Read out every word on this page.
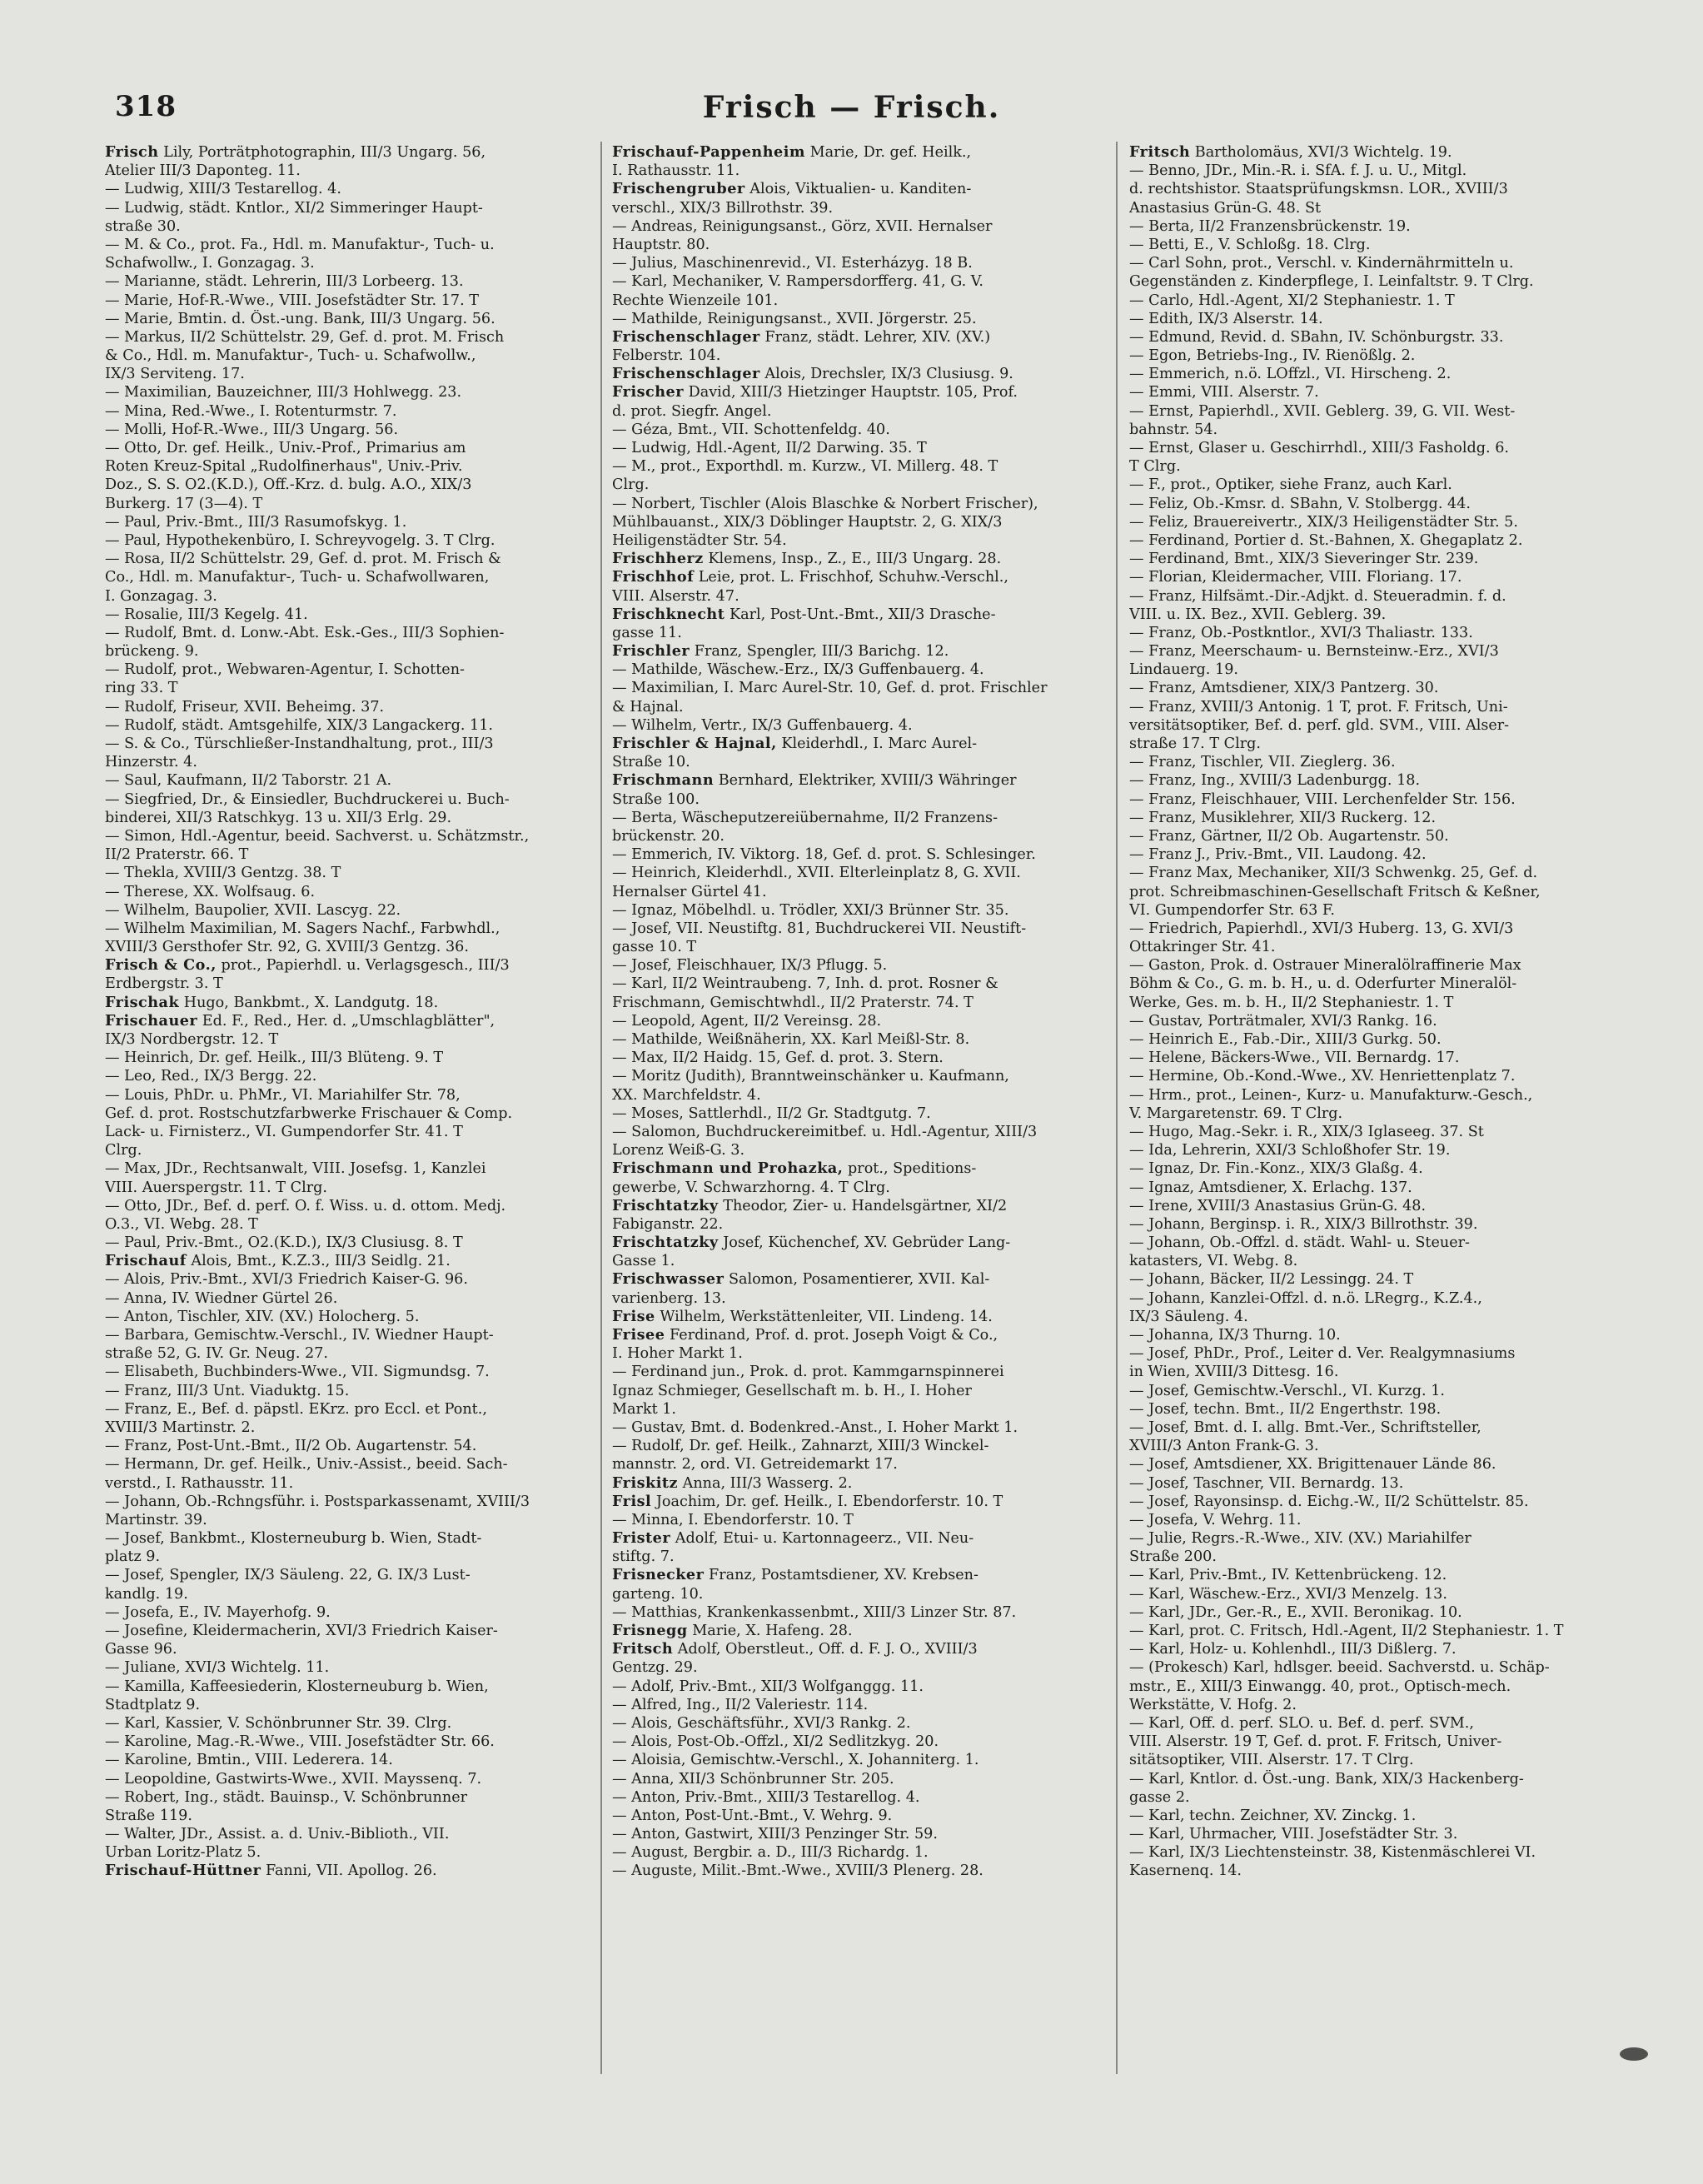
318	Frisch — Frisch.
Frisch Lily, Porträtphotographin, III/3 Ungarg. 56,
Atelier III/3 Daponteg. 11.
— Ludwig, XIII/3 Testarellog. 4.
— Ludwig, städt. Kntlor., XI/2 Simmeringer Haupt-
straße 30.
— M. & Co., prot. Fa., Hdl. m. Manufaktur-, Tuch- u.
Schafwollw., I. Gonzagag. 3.
— Marianne, städt. Lehrerin, III/3 Lorbeerg. 13.
— Marie, Hof-R.-Wwe., VIII. Josefstädter Str. 17. T
— Marie, Bmtin. d. Öst.-ung. Bank, III/3 Ungarg. 56.
— Markus, II/2 Schüttelstr. 29, Gef. d. prot. M. Frisch
& Co., Hdl. m. Manufaktur-, Tuch- u. Schafwollw.,
IX/3 Serviteng. 17.
— Maximilian, Bauzeichner, III/3 Hohlwegg. 23.
— Mina, Red.-Wwe., I. Rotenturmstr. 7.
— Molli, Hof-R.-Wwe., III/3 Ungarg. 56.
— Otto, Dr. gef. Heilk., Univ.-Prof., Primarius am
Roten Kreuz-Spital „Rudolfinerhaus", Univ.-Priv.
Doz., S. S. O2.(K.D.), Off.-Krz. d. bulg. A.O., XIX/3
Burkerg. 17 (3—4). T
— Paul, Priv.-Bmt., III/3 Rasumofskyg. 1.
— Paul, Hypothekenbüro, I. Schreyvogelg. 3. T Clrg.
— Rosa, II/2 Schüttelstr. 29, Gef. d. prot. M. Frisch &
Co., Hdl. m. Manufaktur-, Tuch- u. Schafwollwaren,
I. Gonzagag. 3.
— Rosalie, III/3 Kegelg. 41.
— Rudolf, Bmt. d. Lonw.-Abt. Esk.-Ges., III/3 Sophien-
brückeng. 9.
— Rudolf, prot., Webwaren-Agentur, I. Schotten-
ring 33. T
— Rudolf, Friseur, XVII. Beheimg. 37.
— Rudolf, städt. Amtsgehilfe, XIX/3 Langackerg. 11.
— S. & Co., Türschließer-Instandhaltung, prot., III/3
Hinzerstr. 4.
— Saul, Kaufmann, II/2 Taborstr. 21 A.
— Siegfried, Dr., & Einsiedler, Buchdruckerei u. Buch-
binderei, XII/3 Ratschkyg. 13 u. XII/3 Erlg. 29.
— Simon, Hdl.-Agentur, beeid. Sachverst. u. Schätzmstr.,
II/2 Praterstr. 66. T
— Thekla, XVIII/3 Gentzg. 38. T
— Therese, XX. Wolfsaug. 6.
— Wilhelm, Baupolier, XVII. Lascyg. 22.
— Wilhelm Maximilian, M. Sagers Nachf., Farbwhdl.,
XVIII/3 Gersthofer Str. 92, G. XVIII/3 Gentzg. 36.
Frisch & Co., prot., Papierhdl. u. Verlagsgesch., III/3
Erdbergstr. 3. T
Frischak Hugo, Bankbmt., X. Landgutg. 18.
Frischauer Ed. F., Red., Her. d. „Umschlagblätter",
IX/3 Nordbergstr. 12. T
— Heinrich, Dr. gef. Heilk., III/3 Blüteng. 9. T
— Leo, Red., IX/3 Bergg. 22.
— Louis, PhDr. u. PhMr., VI. Mariahilfer Str. 78,
Gef. d. prot. Rostschutzfarbwerke Frischauer & Comp.
Lack- u. Firnisterz., VI. Gumpendorfer Str. 41. T
Clrg.
— Max, JDr., Rechtsanwalt, VIII. Josefsg. 1, Kanzlei
VIII. Auerspergstr. 11. T Clrg.
— Otto, JDr., Bef. d. perf. O. f. Wiss. u. d. ottom. Medj.
O.3., VI. Webg. 28. T
— Paul, Priv.-Bmt., O2.(K.D.), IX/3 Clusiusg. 8. T
Frischauf Alois, Bmt., K.Z.3., III/3 Seidlg. 21.
— Alois, Priv.-Bmt., XVI/3 Friedrich Kaiser-G. 96.
— Anna, IV. Wiedner Gürtel 26.
— Anton, Tischler, XIV. (XV.) Holocherg. 5.
— Barbara, Gemischtw.-Verschl., IV. Wiedner Haupt-
straße 52, G. IV. Gr. Neug. 27.
— Elisabeth, Buchbinders-Wwe., VII. Sigmundsg. 7.
— Franz, III/3 Unt. Viaduktg. 15.
— Franz, E., Bef. d. päpstl. EKrz. pro Eccl. et Pont.,
XVIII/3 Martinstr. 2.
— Franz, Post-Unt.-Bmt., II/2 Ob. Augartenstr. 54.
— Hermann, Dr. gef. Heilk., Univ.-Assist., beeid. Sach-
verstd., I. Rathausstr. 11.
— Johann, Ob.-Rchngsführ. i. Postsparkassenamt, XVIII/3
Martinstr. 39.
— Josef, Bankbmt., Klosterneuburg b. Wien, Stadt-
platz 9.
— Josef, Spengler, IX/3 Säuleng. 22, G. IX/3 Lust-
kandlg. 19.
— Josefa, E., IV. Mayerhofg. 9.
— Josefine, Kleidermacherin, XVI/3 Friedrich Kaiser-
Gasse 96.
— Juliane, XVI/3 Wichtelg. 11.
— Kamilla, Kaffeesiederin, Klosterneuburg b. Wien,
Stadtplatz 9.
— Karl, Kassier, V. Schönbrunner Str. 39. Clrg.
— Karoline, Mag.-R.-Wwe., VIII. Josefstädter Str. 66.
— Karoline, Bmtin., VIII. Lederera. 14.
— Leopoldine, Gastwirts-Wwe., XVII. Mayssenq. 7.
— Robert, Ing., städt. Bauinsp., V. Schönbrunner
Straße 119.
— Walter, JDr., Assist. a. d. Univ.-Biblioth., VII.
Urban Loritz-Platz 5.
Frischauf-Hüttner Fanni, VII. Apollog. 26.
Frischauf-Pappenheim Marie, Dr. gef. Heilk.,
I. Rathausstr. 11.
Frischengruber Alois, Viktualien- u. Kanditen-
verschl., XIX/3 Billrothstr. 39.
— Andreas, Reinigungsanst., Görz, XVII. Hernalser
Hauptstr. 80.
— Julius, Maschinenrevid., VI. Esterházyg. 18 B.
— Karl, Mechaniker, V. Rampersdorfferg. 41, G. V.
Rechte Wienzeile 101.
— Mathilde, Reinigungsanst., XVII. Jörgerstr. 25.
Frischenschlager Franz, städt. Lehrer, XIV. (XV.)
Felberstr. 104.
Frischenschlager Alois, Drechsler, IX/3 Clusiusg. 9.
Frischer David, XIII/3 Hietzinger Hauptstr. 105, Prof.
d. prot. Siegfr. Angel.
— Géza, Bmt., VII. Schottenfeldg. 40.
— Ludwig, Hdl.-Agent, II/2 Darwing. 35. T
— M., prot., Exporthdl. m. Kurzw., VI. Millerg. 48. T
Clrg.
— Norbert, Tischler (Alois Blaschke & Norbert Frischer),
Mühlbauanst., XIX/3 Döblinger Hauptstr. 2, G. XIX/3
Heiligenstädter Str. 54.
Frischherz Klemens, Insp., Z., E., III/3 Ungarg. 28.
Frischhof Leie, prot. L. Frischhof, Schuhw.-Verschl.,
VIII. Alserstr. 47.
Frischknecht Karl, Post-Unt.-Bmt., XII/3 Drasche-
gasse 11.
Frischler Franz, Spengler, III/3 Barichg. 12.
— Mathilde, Wäschew.-Erz., IX/3 Guffenbauerg. 4.
— Maximilian, I. Marc Aurel-Str. 10, Gef. d. prot. Frischler
& Hajnal.
— Wilhelm, Vertr., IX/3 Guffenbauerg. 4.
Frischler & Hajnal, Kleiderhdl., I. Marc Aurel-
Straße 10.
Frischmann Bernhard, Elektriker, XVIII/3 Währinger
Straße 100.
— Berta, Wäscheputzereiübernahme, II/2 Franzens-
brückenstr. 20.
— Emmerich, IV. Viktorg. 18, Gef. d. prot. S. Schlesinger.
— Heinrich, Kleiderhdl., XVII. Elterleinplatz 8, G. XVII.
Hernalser Gürtel 41.
— Ignaz, Möbelhdl. u. Trödler, XXI/3 Brünner Str. 35.
— Josef, VII. Neustiftg. 81, Buchdruckerei VII. Neustift-
gasse 10. T
— Josef, Fleischhauer, IX/3 Pflugg. 5.
— Karl, II/2 Weintraubeng. 7, Inh. d. prot. Rosner &
Frischmann, Gemischtwhdl., II/2 Praterstr. 74. T
— Leopold, Agent, II/2 Vereinsg. 28.
— Mathilde, Weißnäherin, XX. Karl Meißl-Str. 8.
— Max, II/2 Haidg. 15, Gef. d. prot. 3. Stern.
— Moritz (Judith), Branntweinschänker u. Kaufmann,
XX. Marchfeldstr. 4.
— Moses, Sattlerhdl., II/2 Gr. Stadtgutg. 7.
— Salomon, Buchdruckereimitbef. u. Hdl.-Agentur, XIII/3
Lorenz Weiß-G. 3.
Frischmann und Prohazka, prot., Speditions-
gewerbe, V. Schwarzhorng. 4. T Clrg.
Frischtatzky Theodor, Zier- u. Handelsgärtner, XI/2
Fabiganstr. 22.
Frischtatzky Josef, Küchenchef, XV. Gebrüder Lang-
Gasse 1.
Frischwasser Salomon, Posamentierer, XVII. Kal-
varienberg. 13.
Frise Wilhelm, Werkstättenleiter, VII. Lindeng. 14.
Frisee Ferdinand, Prof. d. prot. Joseph Voigt & Co.,
I. Hoher Markt 1.
— Ferdinand jun., Prok. d. prot. Kammgarnspinnerei
Ignaz Schmieger, Gesellschaft m. b. H., I. Hoher
Markt 1.
— Gustav, Bmt. d. Bodenkred.-Anst., I. Hoher Markt 1.
— Rudolf, Dr. gef. Heilk., Zahnarzt, XIII/3 Winckel-
mannstr. 2, ord. VI. Getreidemarkt 17.
Friskitz Anna, III/3 Wasserg. 2.
Frisl Joachim, Dr. gef. Heilk., I. Ebendorferstr. 10. T
— Minna, I. Ebendorferstr. 10. T
Frister Adolf, Etui- u. Kartonnageerz., VII. Neu-
stiftg. 7.
Frisnecker Franz, Postamtsdiener, XV. Krebsen-
garteng. 10.
— Matthias, Krankenkassenbmt., XIII/3 Linzer Str. 87.
Frisnegg Marie, X. Hafeng. 28.
Fritsch Adolf, Oberstleut., Off. d. F. J. O., XVIII/3
Gentzg. 29.
— Adolf, Priv.-Bmt., XII/3 Wolfganggg. 11.
— Alfred, Ing., II/2 Valeriestr. 114.
— Alois, Geschäftsführ., XVI/3 Rankg. 2.
— Alois, Post-Ob.-Offzl., XI/2 Sedlitzkyg. 20.
— Aloisia, Gemischtw.-Verschl., X. Johanniterg. 1.
— Anna, XII/3 Schönbrunner Str. 205.
— Anton, Priv.-Bmt., XIII/3 Testarellog. 4.
— Anton, Post-Unt.-Bmt., V. Wehrg. 9.
— Anton, Gastwirt, XIII/3 Penzinger Str. 59.
— August, Bergbir. a. D., III/3 Richardg. 1.
— Auguste, Milit.-Bmt.-Wwe., XVIII/3 Plenerg. 28.
Fritsch Bartholomäus, XVI/3 Wichtelg. 19.
— Benno, JDr., Min.-R. i. SfA. f. J. u. U., Mitgl.
d. rechtshistor. Staatsprüfungskmsn. LOR., XVIII/3
Anastasius Grün-G. 48. St
— Berta, II/2 Franzensbrückenstr. 19.
— Betti, E., V. Schloßg. 18. Clrg.
— Carl Sohn, prot., Verschl. v. Kindernährmitteln u.
Gegenständen z. Kinderpflege, I. Leinfaltstr. 9. T Clrg.
— Carlo, Hdl.-Agent, XI/2 Stephaniestr. 1. T
— Edith, IX/3 Alserstr. 14.
— Edmund, Revid. d. SBahn, IV. Schönburgstr. 33.
— Egon, Betriebs-Ing., IV. Rienößlg. 2.
— Emmerich, n.ö. LOffzl., VI. Hirscheng. 2.
— Emmi, VIII. Alserstr. 7.
— Ernst, Papierhdl., XVII. Geblerg. 39, G. VII. West-
bahnstr. 54.
— Ernst, Glaser u. Geschirrhdl., XIII/3 Fasholdg. 6.
T Clrg.
— F., prot., Optiker, siehe Franz, auch Karl.
— Feliz, Ob.-Kmsr. d. SBahn, V. Stolbergg. 44.
— Feliz, Brauereivertr., XIX/3 Heiligenstädter Str. 5.
— Ferdinand, Portier d. St.-Bahnen, X. Ghegaplatz 2.
— Ferdinand, Bmt., XIX/3 Sieveringer Str. 239.
— Florian, Kleidermacher, VIII. Floriang. 17.
— Franz, Hilfsämt.-Dir.-Adjkt. d. Steueradmin. f. d.
VIII. u. IX. Bez., XVII. Geblerg. 39.
— Franz, Ob.-Postkntlor., XVI/3 Thaliastr. 133.
— Franz, Meerschaum- u. Bernsteinw.-Erz., XVI/3
Lindauerg. 19.
— Franz, Amtsdiener, XIX/3 Pantzerg. 30.
— Franz, XVIII/3 Antonig. 1 T, prot. F. Fritsch, Uni-
versitätsoptiker, Bef. d. perf. gld. SVM., VIII. Alser-
straße 17. T Clrg.
— Franz, Tischler, VII. Zieglerg. 36.
— Franz, Ing., XVIII/3 Ladenburgg. 18.
— Franz, Fleischhauer, VIII. Lerchenfelder Str. 156.
— Franz, Musiklehrer, XII/3 Ruckerg. 12.
— Franz, Gärtner, II/2 Ob. Augartenstr. 50.
— Franz J., Priv.-Bmt., VII. Laudong. 42.
— Franz Max, Mechaniker, XII/3 Schwenkg. 25, Gef. d.
prot. Schreibmaschinen-Gesellschaft Fritsch & Keßner,
VI. Gumpendorfer Str. 63 F.
— Friedrich, Papierhdl., XVI/3 Huberg. 13, G. XVI/3
Ottakringer Str. 41.
— Gaston, Prok. d. Ostrauer Mineralölraffinerie Max
Böhm & Co., G. m. b. H., u. d. Oderfurter Mineralöl-
Werke, Ges. m. b. H., II/2 Stephaniestr. 1. T
— Gustav, Porträtmaler, XVI/3 Rankg. 16.
— Heinrich E., Fab.-Dir., XIII/3 Gurkg. 50.
— Helene, Bäckers-Wwe., VII. Bernardg. 17.
— Hermine, Ob.-Kond.-Wwe., XV. Henriettenplatz 7.
— Hrm., prot., Leinen-, Kurz- u. Manufakturw.-Gesch.,
V. Margaretenstr. 69. T Clrg.
— Hugo, Mag.-Sekr. i. R., XIX/3 Iglaseeg. 37. St
— Ida, Lehrerin, XXI/3 Schloßhofer Str. 19.
— Ignaz, Dr. Fin.-Konz., XIX/3 Glaßg. 4.
— Ignaz, Amtsdiener, X. Erlachg. 137.
— Irene, XVIII/3 Anastasius Grün-G. 48.
— Johann, Berginsp. i. R., XIX/3 Billrothstr. 39.
— Johann, Ob.-Offzl. d. städt. Wahl- u. Steuer-
katasters, VI. Webg. 8.
— Johann, Bäcker, II/2 Lessingg. 24. T
— Johann, Kanzlei-Offzl. d. n.ö. LRegrg., K.Z.4.,
IX/3 Säuleng. 4.
— Johanna, IX/3 Thurng. 10.
— Josef, PhDr., Prof., Leiter d. Ver. Realgymnasiums
in Wien, XVIII/3 Dittesg. 16.
— Josef, Gemischtw.-Verschl., VI. Kurzg. 1.
— Josef, techn. Bmt., II/2 Engerthstr. 198.
— Josef, Bmt. d. I. allg. Bmt.-Ver., Schriftsteller,
XVIII/3 Anton Frank-G. 3.
— Josef, Amtsdiener, XX. Brigittenauer Lände 86.
— Josef, Taschner, VII. Bernardg. 13.
— Josef, Rayonsinsp. d. Eichg.-W., II/2 Schüttelstr. 85.
— Josefa, V. Wehrg. 11.
— Julie, Regrs.-R.-Wwe., XIV. (XV.) Mariahilfer
Straße 200.
— Karl, Priv.-Bmt., IV. Kettenbrückeng. 12.
— Karl, Wäschew.-Erz., XVI/3 Menzelg. 13.
— Karl, JDr., Ger.-R., E., XVII. Beronikag. 10.
— Karl, prot. C. Fritsch, Hdl.-Agent, II/2 Stephaniestr. 1. T
— Karl, Holz- u. Kohlenhdl., III/3 Dißlerg. 7.
— (Prokesch) Karl, hdlsger. beeid. Sachverstd. u. Schäp-
mstr., E., XIII/3 Einwangg. 40, prot., Optisch-mech.
Werkstätte, V. Hofg. 2.
— Karl, Off. d. perf. SLO. u. Bef. d. perf. SVM.,
VIII. Alserstr. 19 T, Gef. d. prot. F. Fritsch, Univer-
sitätsoptiker, VIII. Alserstr. 17. T Clrg.
— Karl, Kntlor. d. Öst.-ung. Bank, XIX/3 Hackenberg-
gasse 2.
— Karl, techn. Zeichner, XV. Zinckg. 1.
— Karl, Uhrmacher, VIII. Josefstädter Str. 3.
— Karl, IX/3 Liechtensteinstr. 38, Kistenmäschlerei VI.
Kasernenq. 14.
